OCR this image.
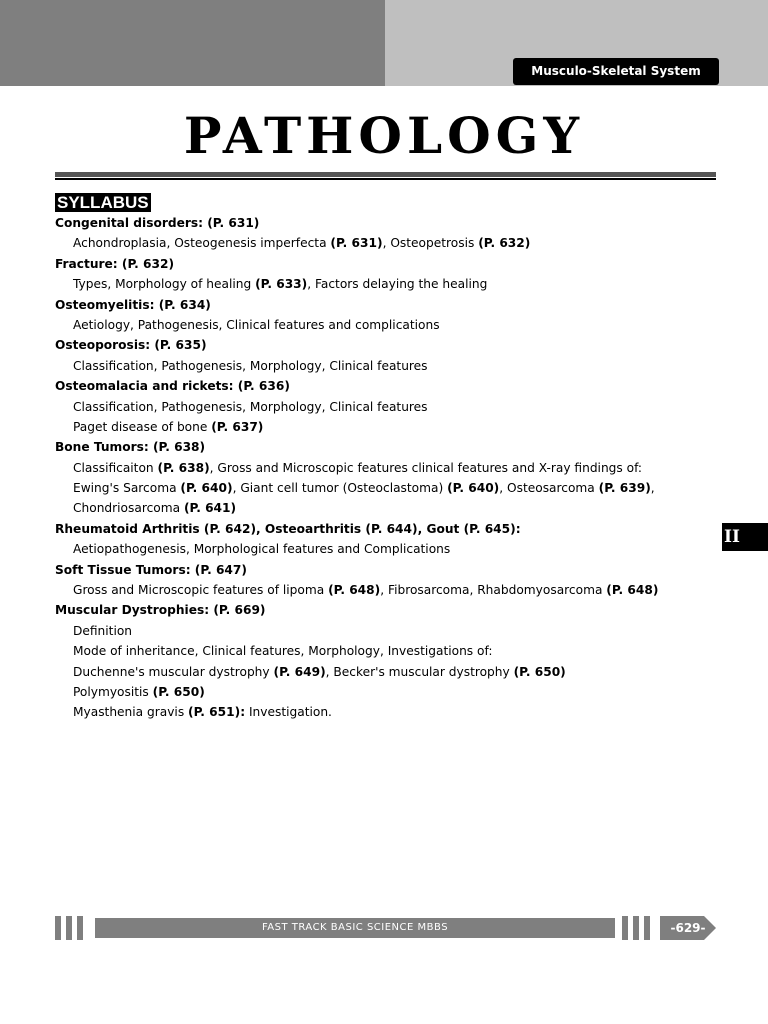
Musculo-Skeletal System
PATHOLOGY
SYLLABUS
Congenital disorders: (P. 631)
Achondroplasia, Osteogenesis imperfecta (P. 631), Osteopetrosis (P. 632)
Fracture: (P. 632)
Types, Morphology of healing (P. 633), Factors delaying the healing
Osteomyelitis: (P. 634)
Aetiology, Pathogenesis, Clinical features and complications
Osteoporosis: (P. 635)
Classification, Pathogenesis, Morphology, Clinical features
Osteomalacia and rickets: (P. 636)
Classification, Pathogenesis, Morphology, Clinical features
Paget disease of bone (P. 637)
Bone Tumors: (P. 638)
Classificaiton (P. 638), Gross and Microscopic features clinical features and X-ray findings of:
Ewing's Sarcoma (P. 640), Giant cell tumor (Osteoclastoma) (P. 640), Osteosarcoma (P. 639),
Chondriosarcoma (P. 641)
Rheumatoid Arthritis (P. 642), Osteoarthritis (P. 644), Gout (P. 645):
Aetiopathogenesis, Morphological features and Complications
Soft Tissue Tumors: (P. 647)
Gross and Microscopic features of lipoma (P. 648), Fibrosarcoma, Rhabdomyosarcoma (P. 648)
Muscular Dystrophies: (P. 669)
Definition
Mode of inheritance, Clinical features, Morphology, Investigations of:
Duchenne's muscular dystrophy (P. 649), Becker's muscular dystrophy (P. 650)
Polymyositis (P. 650)
Myasthenia gravis (P. 651): Investigation.
II
FAST TRACK BASIC SCIENCE MBBS	-629-
